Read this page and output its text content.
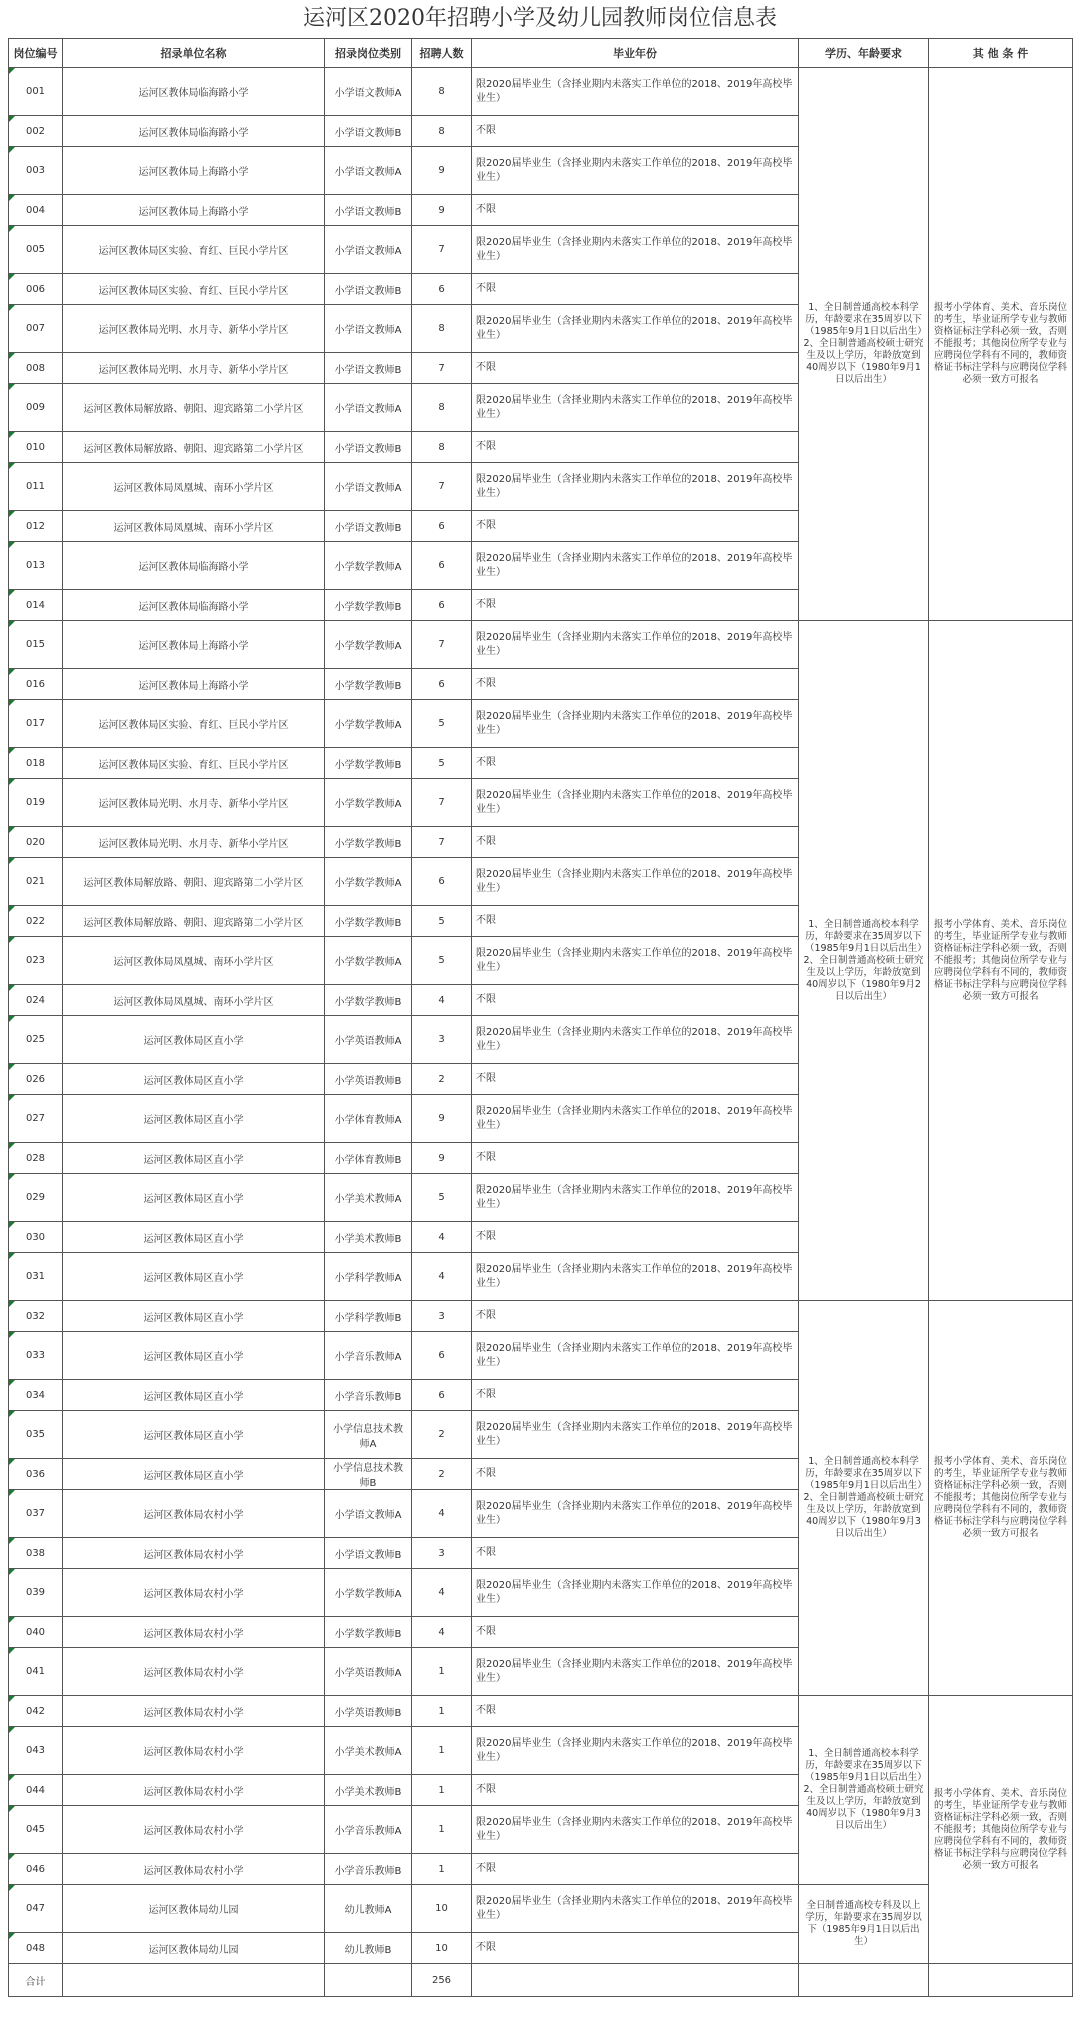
运河区2020年招聘小学及幼儿园教师岗位信息表
岗位编号	招录单位名称	招录岗位类别	招聘人数	毕业年份	学历、年龄要求	其 他 条 件
001	运河区教体局临海路小学	小学语文教师A	8	限2020届毕业生（含择业期内未落实工作单位的2018、2019年高校毕业生）	1、全日制普通高校本科学历，年龄要求在35周岁以下（1985年9月1日以后出生）2、全日制普通高校硕士研究生及以上学历，年龄放宽到40周岁以下（1980年9月1日以后出生）	报考小学体育、美术、音乐岗位的考生，毕业证所学专业与教师资格证标注学科必须一致，否则不能报考；其他岗位所学专业与应聘岗位学科有不同的，教师资格证书标注学科与应聘岗位学科必须一致方可报名
002	运河区教体局临海路小学	小学语文教师B	8	不限		
003	运河区教体局上海路小学	小学语文教师A	9	限2020届毕业生（含择业期内未落实工作单位的2018、2019年高校毕业生）		
004	运河区教体局上海路小学	小学语文教师B	9	不限		
005	运河区教体局区实验、育红、巨民小学片区	小学语文教师A	7	限2020届毕业生（含择业期内未落实工作单位的2018、2019年高校毕业生）		
006	运河区教体局区实验、育红、巨民小学片区	小学语文教师B	6	不限		
007	运河区教体局光明、水月寺、新华小学片区	小学语文教师A	8	限2020届毕业生（含择业期内未落实工作单位的2018、2019年高校毕业生）		
008	运河区教体局光明、水月寺、新华小学片区	小学语文教师B	7	不限		
009	运河区教体局解放路、朝阳、迎宾路第二小学片区	小学语文教师A	8	限2020届毕业生（含择业期内未落实工作单位的2018、2019年高校毕业生）		
010	运河区教体局解放路、朝阳、迎宾路第二小学片区	小学语文教师B	8	不限		
011	运河区教体局凤凰城、南环小学片区	小学语文教师A	7	限2020届毕业生（含择业期内未落实工作单位的2018、2019年高校毕业生）		
012	运河区教体局凤凰城、南环小学片区	小学语文教师B	6	不限		
013	运河区教体局临海路小学	小学数学教师A	6	限2020届毕业生（含择业期内未落实工作单位的2018、2019年高校毕业生）		
014	运河区教体局临海路小学	小学数学教师B	6	不限		
015	运河区教体局上海路小学	小学数学教师A	7	限2020届毕业生（含择业期内未落实工作单位的2018、2019年高校毕业生）	1、全日制普通高校本科学历，年龄要求在35周岁以下（1985年9月1日以后出生）2、全日制普通高校硕士研究生及以上学历，年龄放宽到40周岁以下（1980年9月2日以后出生）	报考小学体育、美术、音乐岗位的考生，毕业证所学专业与教师资格证标注学科必须一致，否则不能报考；其他岗位所学专业与应聘岗位学科有不同的，教师资格证书标注学科与应聘岗位学科必须一致方可报名
016	运河区教体局上海路小学	小学数学教师B	6	不限		
017	运河区教体局区实验、育红、巨民小学片区	小学数学教师A	5	限2020届毕业生（含择业期内未落实工作单位的2018、2019年高校毕业生）		
018	运河区教体局区实验、育红、巨民小学片区	小学数学教师B	5	不限		
019	运河区教体局光明、水月寺、新华小学片区	小学数学教师A	7	限2020届毕业生（含择业期内未落实工作单位的2018、2019年高校毕业生）		
020	运河区教体局光明、水月寺、新华小学片区	小学数学教师B	7	不限		
021	运河区教体局解放路、朝阳、迎宾路第二小学片区	小学数学教师A	6	限2020届毕业生（含择业期内未落实工作单位的2018、2019年高校毕业生）		
022	运河区教体局解放路、朝阳、迎宾路第二小学片区	小学数学教师B	5	不限		
023	运河区教体局凤凰城、南环小学片区	小学数学教师A	5	限2020届毕业生（含择业期内未落实工作单位的2018、2019年高校毕业生）		
024	运河区教体局凤凰城、南环小学片区	小学数学教师B	4	不限		
025	运河区教体局区直小学	小学英语教师A	3	限2020届毕业生（含择业期内未落实工作单位的2018、2019年高校毕业生）		
026	运河区教体局区直小学	小学英语教师B	2	不限		
027	运河区教体局区直小学	小学体育教师A	9	限2020届毕业生（含择业期内未落实工作单位的2018、2019年高校毕业生）		
028	运河区教体局区直小学	小学体育教师B	9	不限		
029	运河区教体局区直小学	小学美术教师A	5	限2020届毕业生（含择业期内未落实工作单位的2018、2019年高校毕业生）		
030	运河区教体局区直小学	小学美术教师B	4	不限		
031	运河区教体局区直小学	小学科学教师A	4	限2020届毕业生（含择业期内未落实工作单位的2018、2019年高校毕业生）		
032	运河区教体局区直小学	小学科学教师B	3	不限	1、全日制普通高校本科学历，年龄要求在35周岁以下（1985年9月1日以后出生）2、全日制普通高校硕士研究生及以上学历，年龄放宽到40周岁以下（1980年9月3日以后出生）	报考小学体育、美术、音乐岗位的考生，毕业证所学专业与教师资格证标注学科必须一致，否则不能报考；其他岗位所学专业与应聘岗位学科有不同的，教师资格证书标注学科与应聘岗位学科必须一致方可报名
033	运河区教体局区直小学	小学音乐教师A	6	限2020届毕业生（含择业期内未落实工作单位的2018、2019年高校毕业生）		
034	运河区教体局区直小学	小学音乐教师B	6	不限		
035	运河区教体局区直小学	小学信息技术教师A	2	限2020届毕业生（含择业期内未落实工作单位的2018、2019年高校毕业生）		
036	运河区教体局区直小学	小学信息技术教师B	2	不限		
037	运河区教体局农村小学	小学语文教师A	4	限2020届毕业生（含择业期内未落实工作单位的2018、2019年高校毕业生）		
038	运河区教体局农村小学	小学语文教师B	3	不限		
039	运河区教体局农村小学	小学数学教师A	4	限2020届毕业生（含择业期内未落实工作单位的2018、2019年高校毕业生）		
040	运河区教体局农村小学	小学数学教师B	4	不限		
041	运河区教体局农村小学	小学英语教师A	1	限2020届毕业生（含择业期内未落实工作单位的2018、2019年高校毕业生）		
042	运河区教体局农村小学	小学英语教师B	1	不限	1、全日制普通高校本科学历，年龄要求在35周岁以下（1985年9月1日以后出生）2、全日制普通高校硕士研究生及以上学历，年龄放宽到40周岁以下（1980年9月3日以后出生）	报考小学体育、美术、音乐岗位的考生，毕业证所学专业与教师资格证标注学科必须一致，否则不能报考；其他岗位所学专业与应聘岗位学科有不同的，教师资格证书标注学科与应聘岗位学科必须一致方可报名
043	运河区教体局农村小学	小学美术教师A	1	限2020届毕业生（含择业期内未落实工作单位的2018、2019年高校毕业生）		
044	运河区教体局农村小学	小学美术教师B	1	不限		
045	运河区教体局农村小学	小学音乐教师A	1	限2020届毕业生（含择业期内未落实工作单位的2018、2019年高校毕业生）		
046	运河区教体局农村小学	小学音乐教师B	1	不限		
047	运河区教体局幼儿园	幼儿教师A	10	限2020届毕业生（含择业期内未落实工作单位的2018、2019年高校毕业生）	全日制普通高校专科及以上学历，年龄要求在35周岁以下（1985年9月1日以后出生）	
048	运河区教体局幼儿园	幼儿教师B	10	不限		
合计			256			
